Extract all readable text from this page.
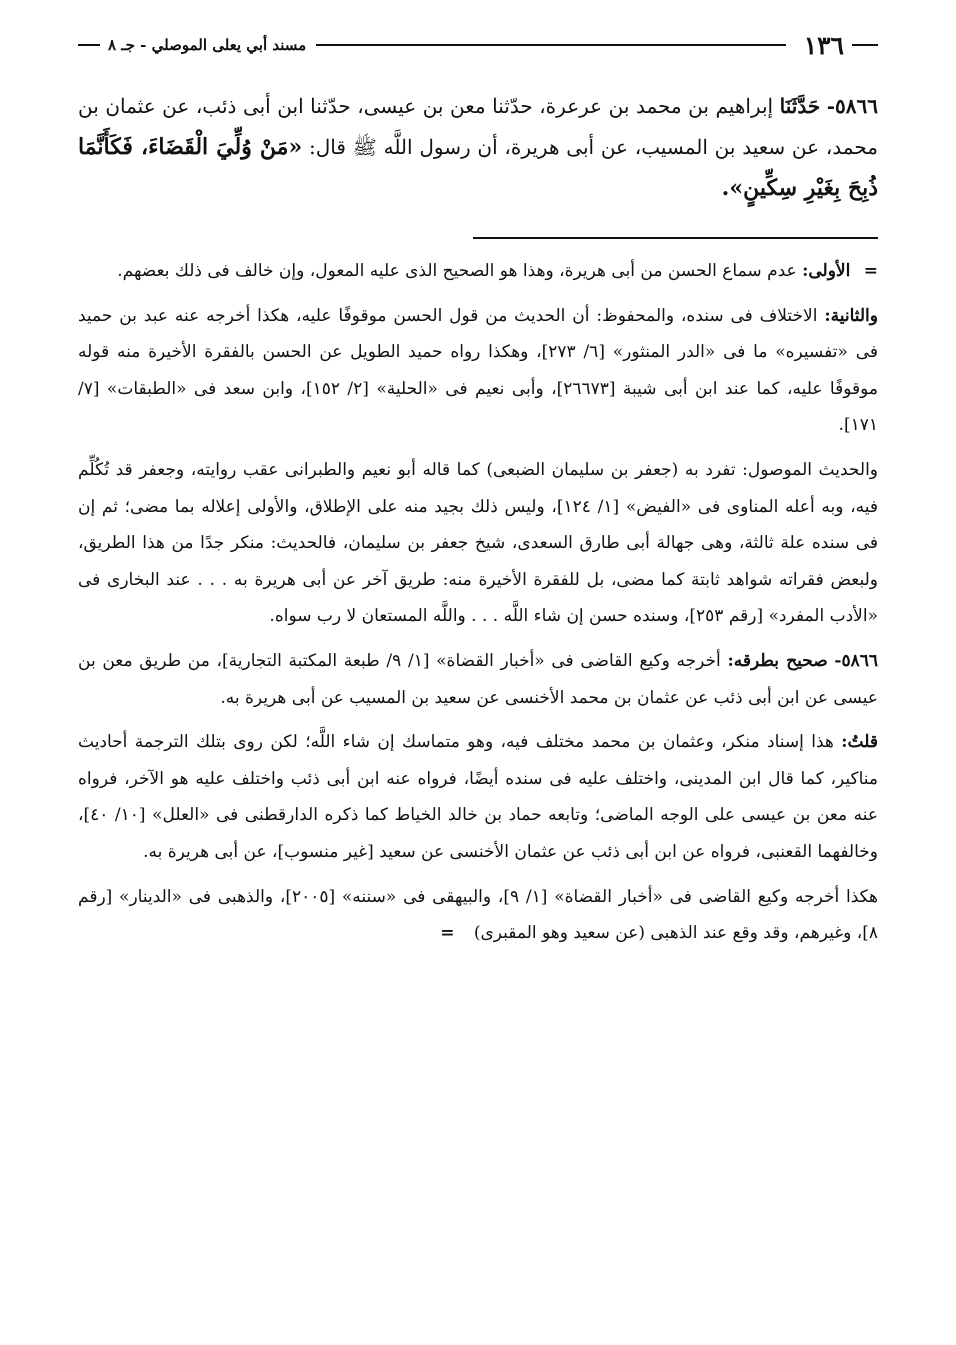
١٣٦
مسند أبي يعلى الموصلي - جـ ٨
٥٨٦٦- حَدَّثَنَا إبراهيم بن محمد بن عرعرة، حدّثنا معن بن عيسى، حدّثنا ابن أبى ذئب، عن عثمان بن محمد، عن سعيد بن المسيب، عن أبى هريرة، أن رسول اللَّه ﷺ قال: «مَنْ وُلِّيَ الْقَضَاءَ، فَكَأَنَّمَا ذُبِحَ بِغَيْرِ سِكِّينٍ».

= الأولى: عدم سماع الحسن من أبى هريرة، وهذا هو الصحيح الذى عليه المعول، وإن خالف فى ذلك بعضهم.

والثانية: الاختلاف فى سنده، والمحفوظ: أن الحديث من قول الحسن موقوفًا عليه، هكذا أخرجه عنه عبد بن حميد فى «تفسيره» ما فى «الدر المنثور» [٦/ ٢٧٣]، وهكذا رواه حميد الطويل عن الحسن بالفقرة الأخيرة منه قوله موقوفًا عليه، كما عند ابن أبى شيبة [٢٦٦٧٣]، وأبى نعيم فى «الحلية» [٢/ ١٥٢]، وابن سعد فى «الطبقات» [٧/ ١٧١].

والحديث الموصول: تفرد به (جعفر بن سليمان الضبعى) كما قاله أبو نعيم والطبرانى عقب روايته، وجعفر قد تُكُلِّم فيه، وبه أعله المناوى فى «الفيض» [١/ ١٢٤]، وليس ذلك بجيد منه على الإطلاق، والأولى إعلاله بما مضى؛ ثم إن فى سنده علة ثالثة، وهى جهالة أبى طارق السعدى، شيخ جعفر بن سليمان، فالحديث: منكر جدًا من هذا الطريق، ولبعض فقراته شواهد ثابتة كما مضى، بل للفقرة الأخيرة منه: طريق آخر عن أبى هريرة به . . . عند البخارى فى «الأدب المفرد» [رقم ٢٥٣]، وسنده حسن إن شاء اللَّه . . . واللَّه المستعان لا رب سواه.

٥٨٦٦- صحيح بطرقه: أخرجه وكيع القاضى فى «أخبار القضاة» [١/ ٩/ طبعة المكتبة التجارية]، من طريق معن بن عيسى عن ابن أبى ذئب عن عثمان بن محمد الأخنسى عن سعيد بن المسيب عن أبى هريرة به.

قلتُ: هذا إسناد منكر، وعثمان بن محمد مختلف فيه، وهو متماسك إن شاء اللَّه؛ لكن روى بتلك الترجمة أحاديث مناكير، كما قال ابن المدينى، واختلف عليه فى سنده أيضًا، فرواه عنه ابن أبى ذئب واختلف عليه هو الآخر، فرواه عنه معن بن عيسى على الوجه الماضى؛ وتابعه حماد بن خالد الخياط كما ذكره الدارقطنى فى «العلل» [١٠/ ٤٠]، وخالفهما القعنبى، فرواه عن ابن أبى ذئب عن عثمان الأخنسى عن سعيد [غير منسوب]، عن أبى هريرة به.

هكذا أخرجه وكيع القاضى فى «أخبار القضاة» [١/ ٩]، والبيهقى فى «سننه» [٢٠٠٥]، والذهبى فى «الدينار» [رقم ٨]، وغيرهم، وقد وقع عند الذهبى (عن سعيد وهو المقبرى) =
